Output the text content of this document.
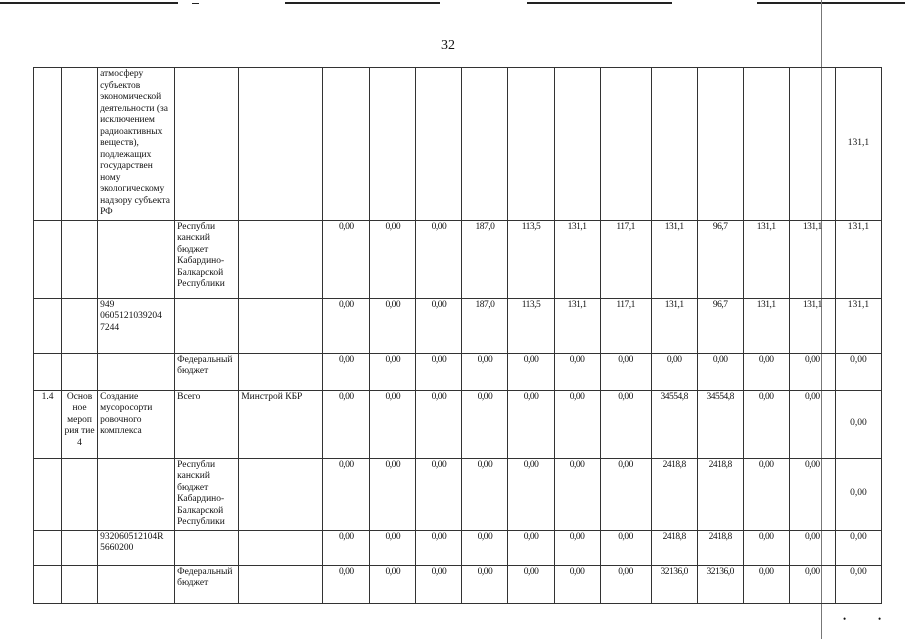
32
		атмосферу субъектов экономической деятельности (за исключением радиоактивных веществ), подлежащих государствен ному экологическому надзору субъекта РФ														131,1
			Республи канский бюджет Кабардино-Балкарской Республики		0,00	0,00	0,00	187,0	113,5	131,1	117,1	131,1	96,7	131,1	131,1	131,1
		949 0605121039204 7244			0,00	0,00	0,00	187,0	113,5	131,1	117,1	131,1	96,7	131,1	131,1	131,1
			Федеральный бюджет		0,00	0,00	0,00	0,00	0,00	0,00	0,00	0,00	0,00	0,00	0,00	0,00
1.4	Основ ное мероп рия тие 4	Создание мусоросорти ровочного комплекса	Всего	Минстрой КБР	0,00	0,00	0,00	0,00	0,00	0,00	0,00	34554,8	34554,8	0,00	0,00	0,00
			Республи канский бюджет Кабардино-Балкарской Республики		0,00	0,00	0,00	0,00	0,00	0,00	0,00	2418,8	2418,8	0,00	0,00	0,00
		932060512104R 5660200			0,00	0,00	0,00	0,00	0,00	0,00	0,00	2418,8	2418,8	0,00	0,00	0,00
			Федеральный бюджет		0,00	0,00	0,00	0,00	0,00	0,00	0,00	32136,0	32136,0	0,00	0,00	0,00
•	•
